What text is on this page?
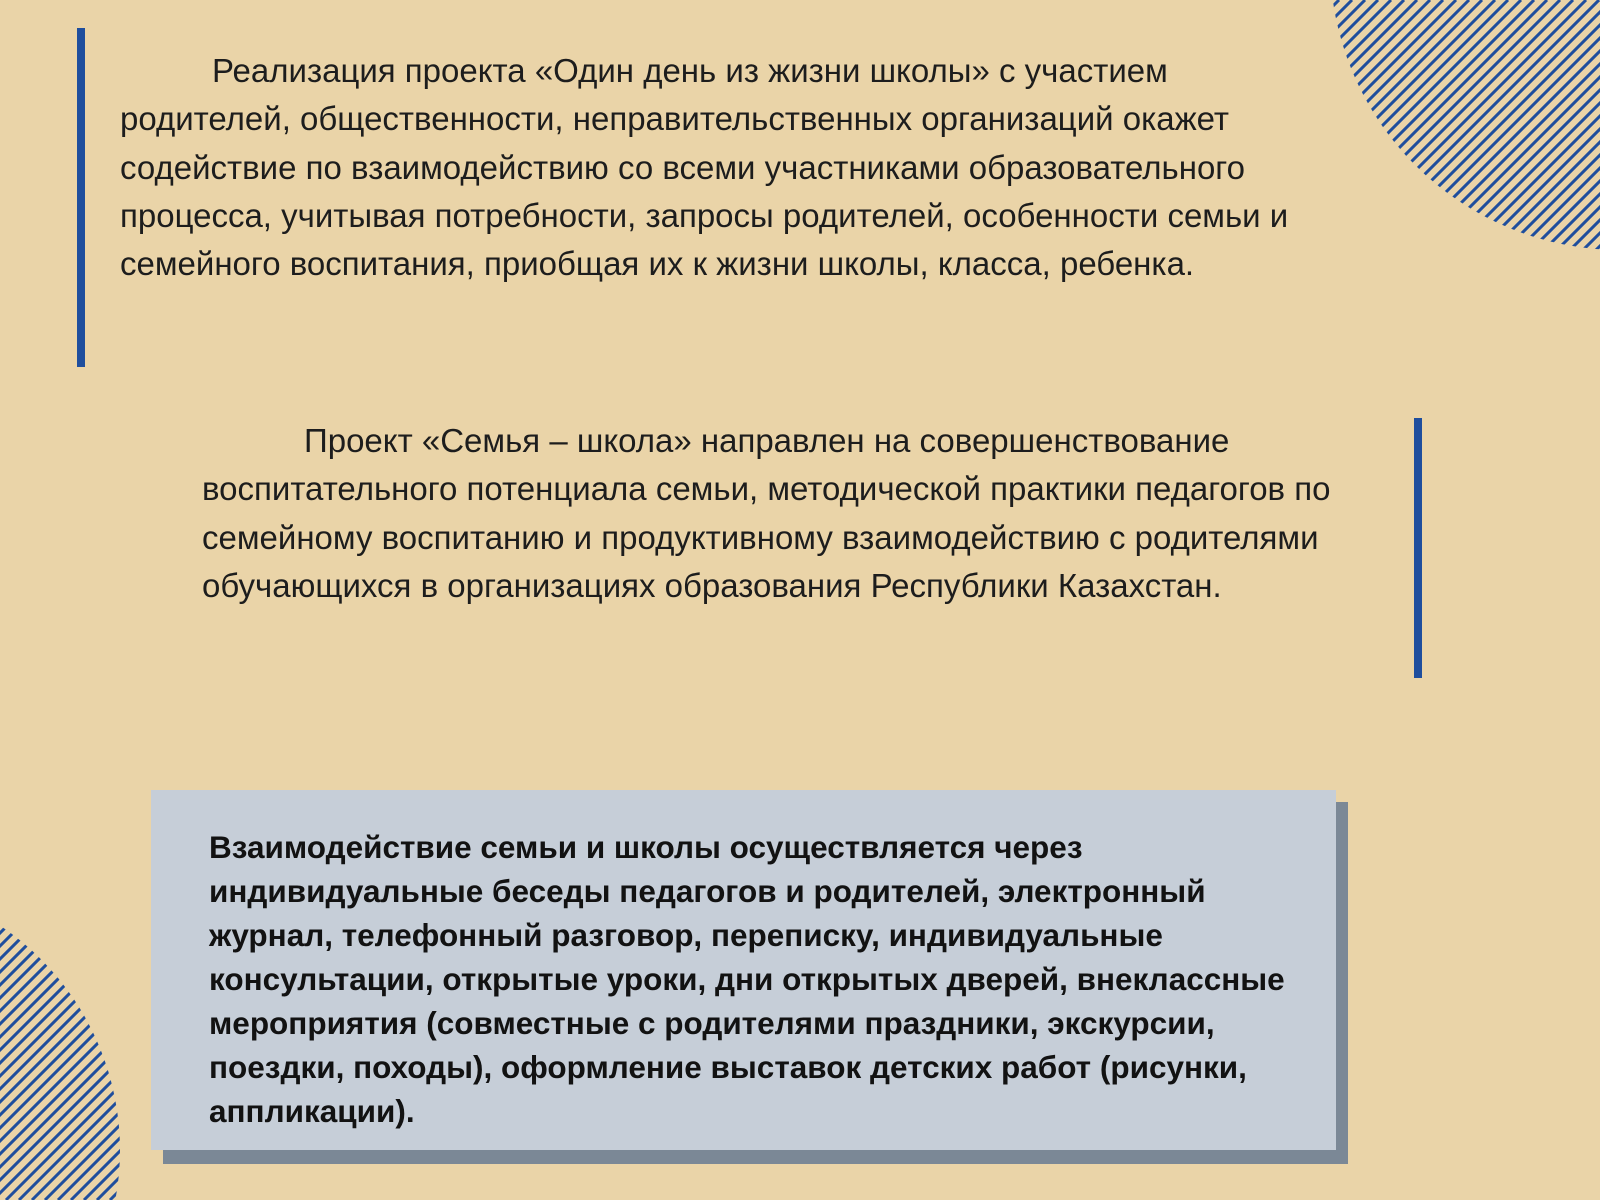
Реализация проекта «Один день из жизни школы» с участием родителей, общественности, неправительственных организаций окажет содействие по взаимодействию со всеми участниками образовательного процесса, учитывая потребности, запросы родителей, особенности семьи и семейного воспитания, приобщая их к жизни школы, класса, ребенка.

Проект «Семья – школа» направлен на совершенствование воспитательного потенциала семьи, методической практики педагогов по семейному воспитанию и продуктивному взаимодействию с родителями обучающихся в организациях образования Республики Казахстан.

Взаимодействие семьи и школы осуществляется через индивидуальные беседы педагогов и родителей, электронный журнал, телефонный разговор, переписку, индивидуальные консультации, открытые уроки, дни открытых дверей, внеклассные мероприятия (совместные с родителями праздники, экскурсии, поездки, походы), оформление выставок детских работ (рисунки, аппликации).
